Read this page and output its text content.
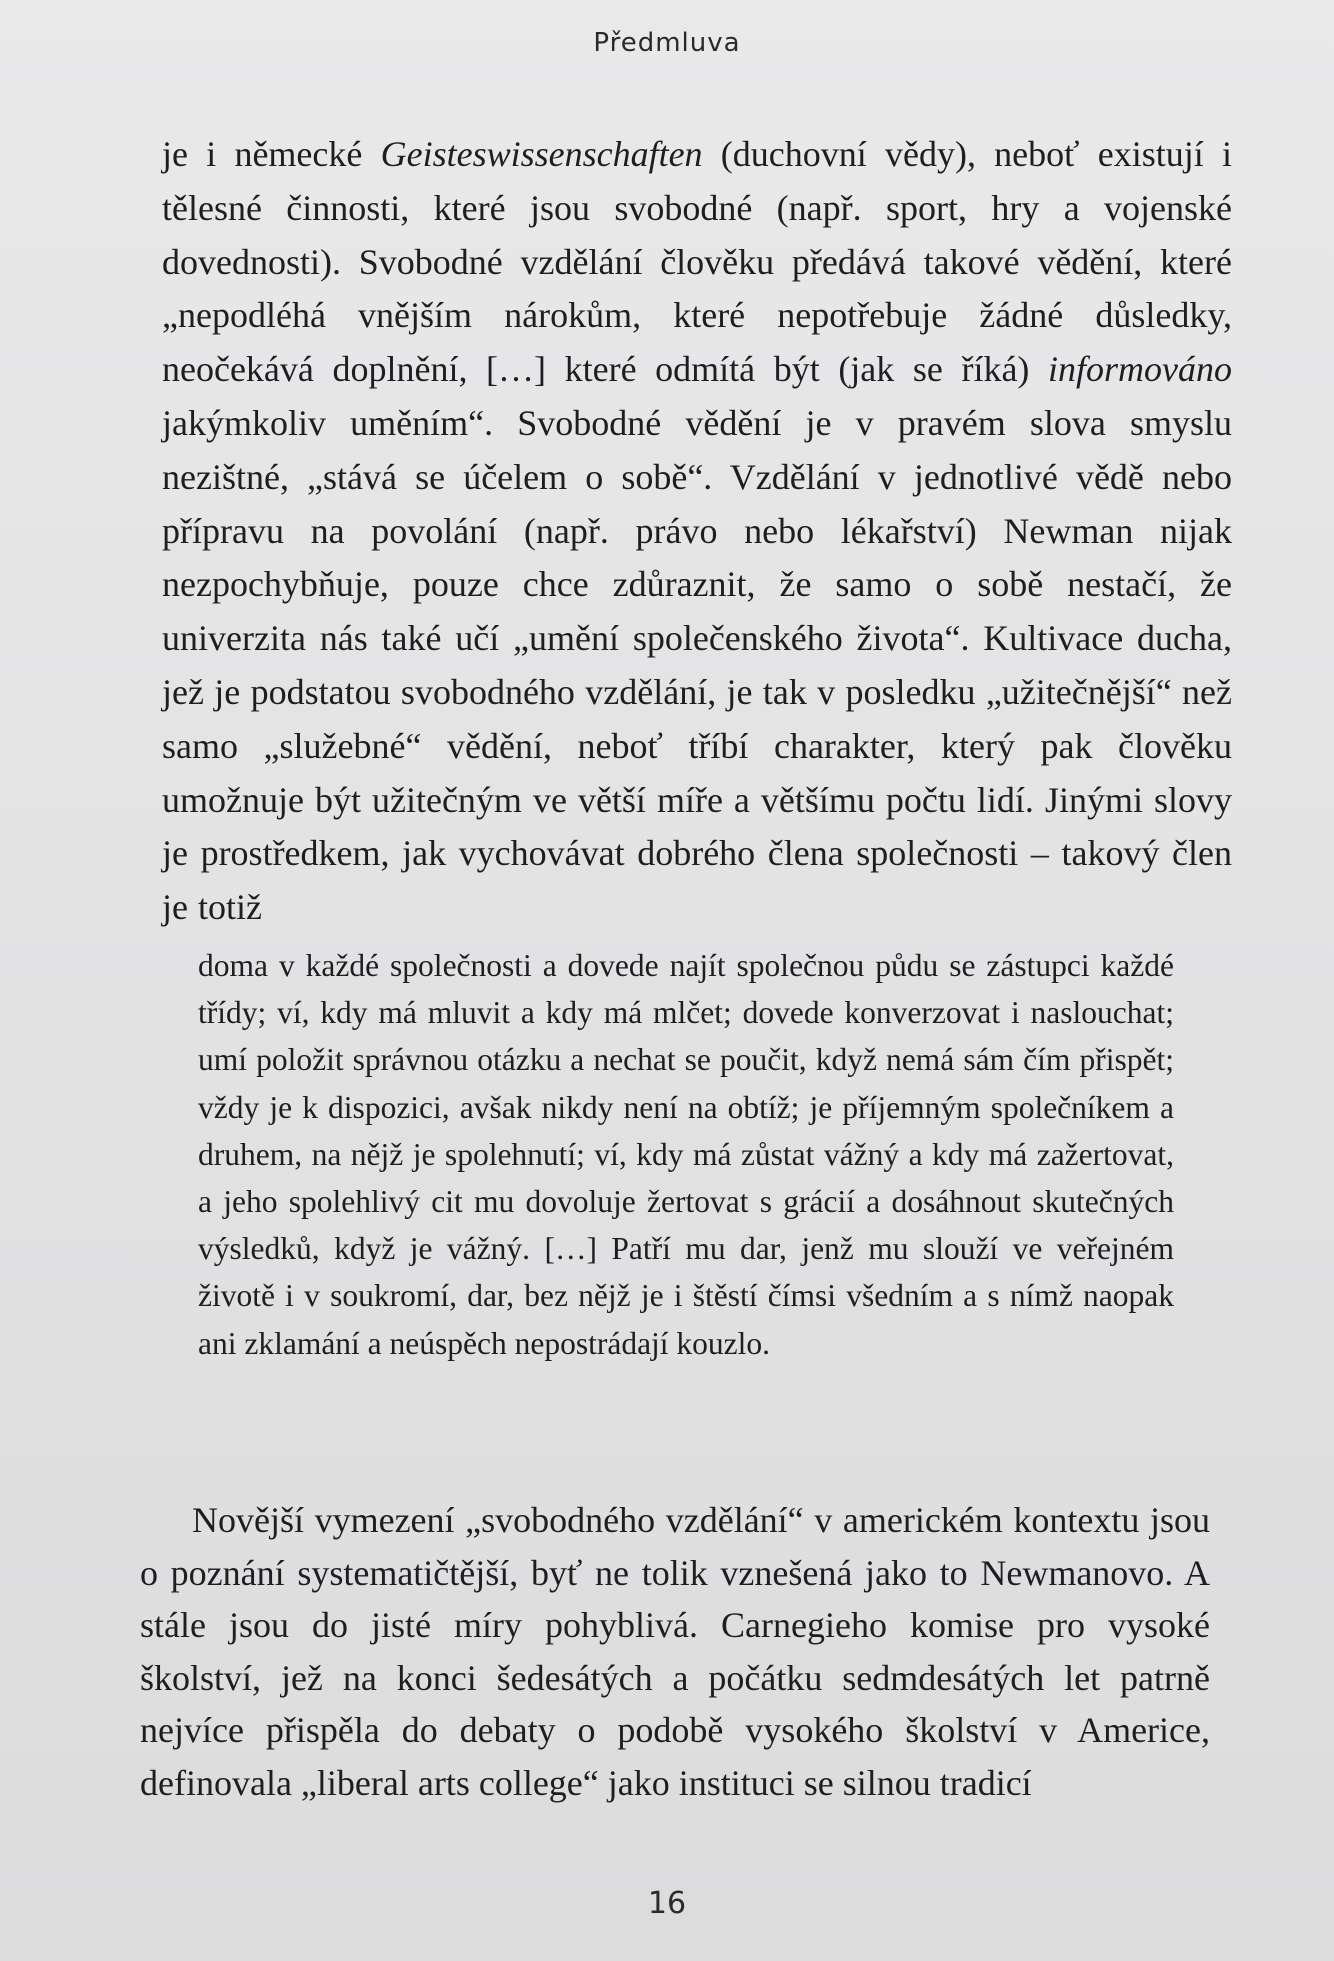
Předmluva

je i německé Geisteswissenschaften (duchovní vědy), neboť existují i tělesné činnosti, které jsou svobodné (např. sport, hry a vojenské dovednosti). Svobodné vzdělání člověku předává takové vědění, které „nepodléhá vnějším nárokům, které nepotřebuje žádné důsledky, neočekává doplnění, […] které odmítá být (jak se říká) informováno jakýmkoliv uměním“. Svobodné vědění je v pravém slova smyslu nezištné, „stává se účelem o sobě“. Vzdělání v jednotlivé vědě nebo přípravu na povolání (např. právo nebo lékařství) Newman nijak nezpochybňuje, pouze chce zdůraznit, že samo o sobě nestačí, že univerzita nás také učí „umění společenského života“. Kultivace ducha, jež je podstatou svobodného vzdělání, je tak v posledku „užitečnější“ než samo „služebné“ vědění, neboť tříbí charakter, který pak člověku umožnuje být užitečným ve větší míře a většímu počtu lidí. Jinými slovy je prostředkem, jak vychovávat dobrého člena společnosti – takový člen je totiž

doma v každé společnosti a dovede najít společnou půdu se zástupci každé třídy; ví, kdy má mluvit a kdy má mlčet; dovede konverzovat i naslouchat; umí položit správnou otázku a nechat se poučit, když nemá sám čím přispět; vždy je k dispozici, avšak nikdy není na obtíž; je příjemným společníkem a druhem, na nějž je spolehnutí; ví, kdy má zůstat vážný a kdy má zažertovat, a jeho spolehlivý cit mu dovoluje žertovat s grácií a dosáhnout skutečných výsledků, když je vážný. […] Patří mu dar, jenž mu slouží ve veřejném životě i v soukromí, dar, bez nějž je i štěstí čímsi všedním a s nímž naopak ani zklamání a neúspěch nepostrádají kouzlo.

Novější vymezení „svobodného vzdělání“ v americkém kontextu jsou o poznání systematičtější, byť ne tolik vznešená jako to Newmanovo. A stále jsou do jisté míry pohyblivá. Carnegieho komise pro vysoké školství, jež na konci šedesátých a počátku sedmdesátých let patrně nejvíce přispěla do debaty o podobě vysokého školství v Americe, definovala „liberal arts college“ jako instituci se silnou tradicí

16
